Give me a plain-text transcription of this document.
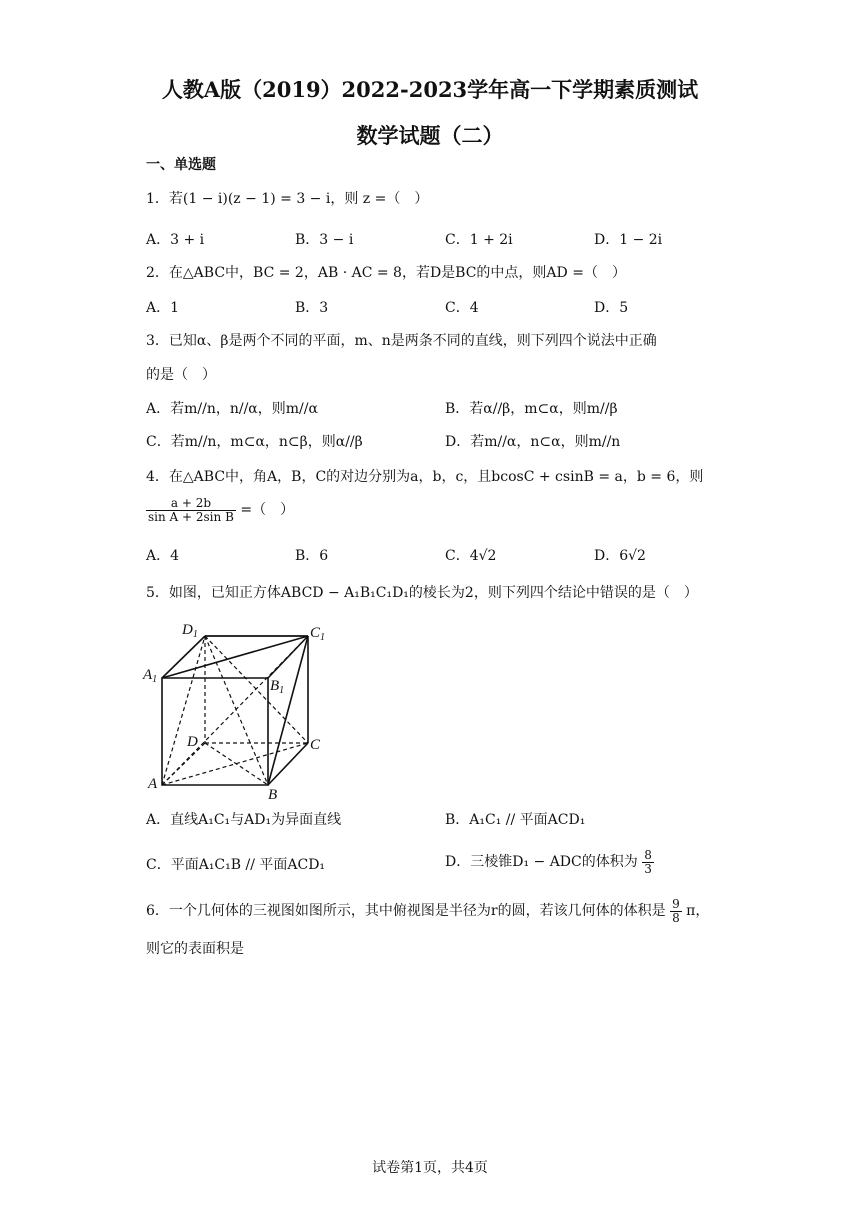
人教A版（2019）2022-2023学年高一下学期素质测试
数学试题（二）
一、单选题
1．若(1 − i)(z − 1) = 3 − i，则 z =（　）
A．3 + i	B．3 − i	C．1 + 2i	D．1 − 2i
2．在△ABC中，BC = 2，AB · AC = 8，若D是BC的中点，则AD =（　）
A．1	B．3	C．4	D．5
3．已知α、β是两个不同的平面，m、n是两条不同的直线，则下列四个说法中正确
的是（　）
A．若m//n，n//α，则m//α	B．若α//β，m⊂α，则m//β
C．若m//n，m⊂α，n⊂β，则α//β	D．若m//α，n⊂α，则m//n
4．在△ABC中，角A，B，C的对边分别为a，b，c，且bcosC + csinB = a，b = 6，则
$\frac{a + 2b}{\text{sin A + 2sin B}}$ =（　）
A．4	B．6	C．4√2	D．6√2
5．如图，已知正方体ABCD − A₁B₁C₁D₁的棱长为2，则下列四个结论中错误的是（　）
$D_1$	$C_1$
$A_1$	$B_1$
D	C
A
B
A．直线A₁C₁与AD₁为异面直线	B．A₁C₁ // 平面ACD₁
C．平面A₁C₁B // 平面ACD₁	D．三棱锥D₁ − ADC的体积为 $\frac{8}{3}$
6．一个几何体的三视图如图所示，其中俯视图是半径为r的圆，若该几何体的体积是 $\frac{9}{8}$ π，
则它的表面积是
试卷第1页，共4页
